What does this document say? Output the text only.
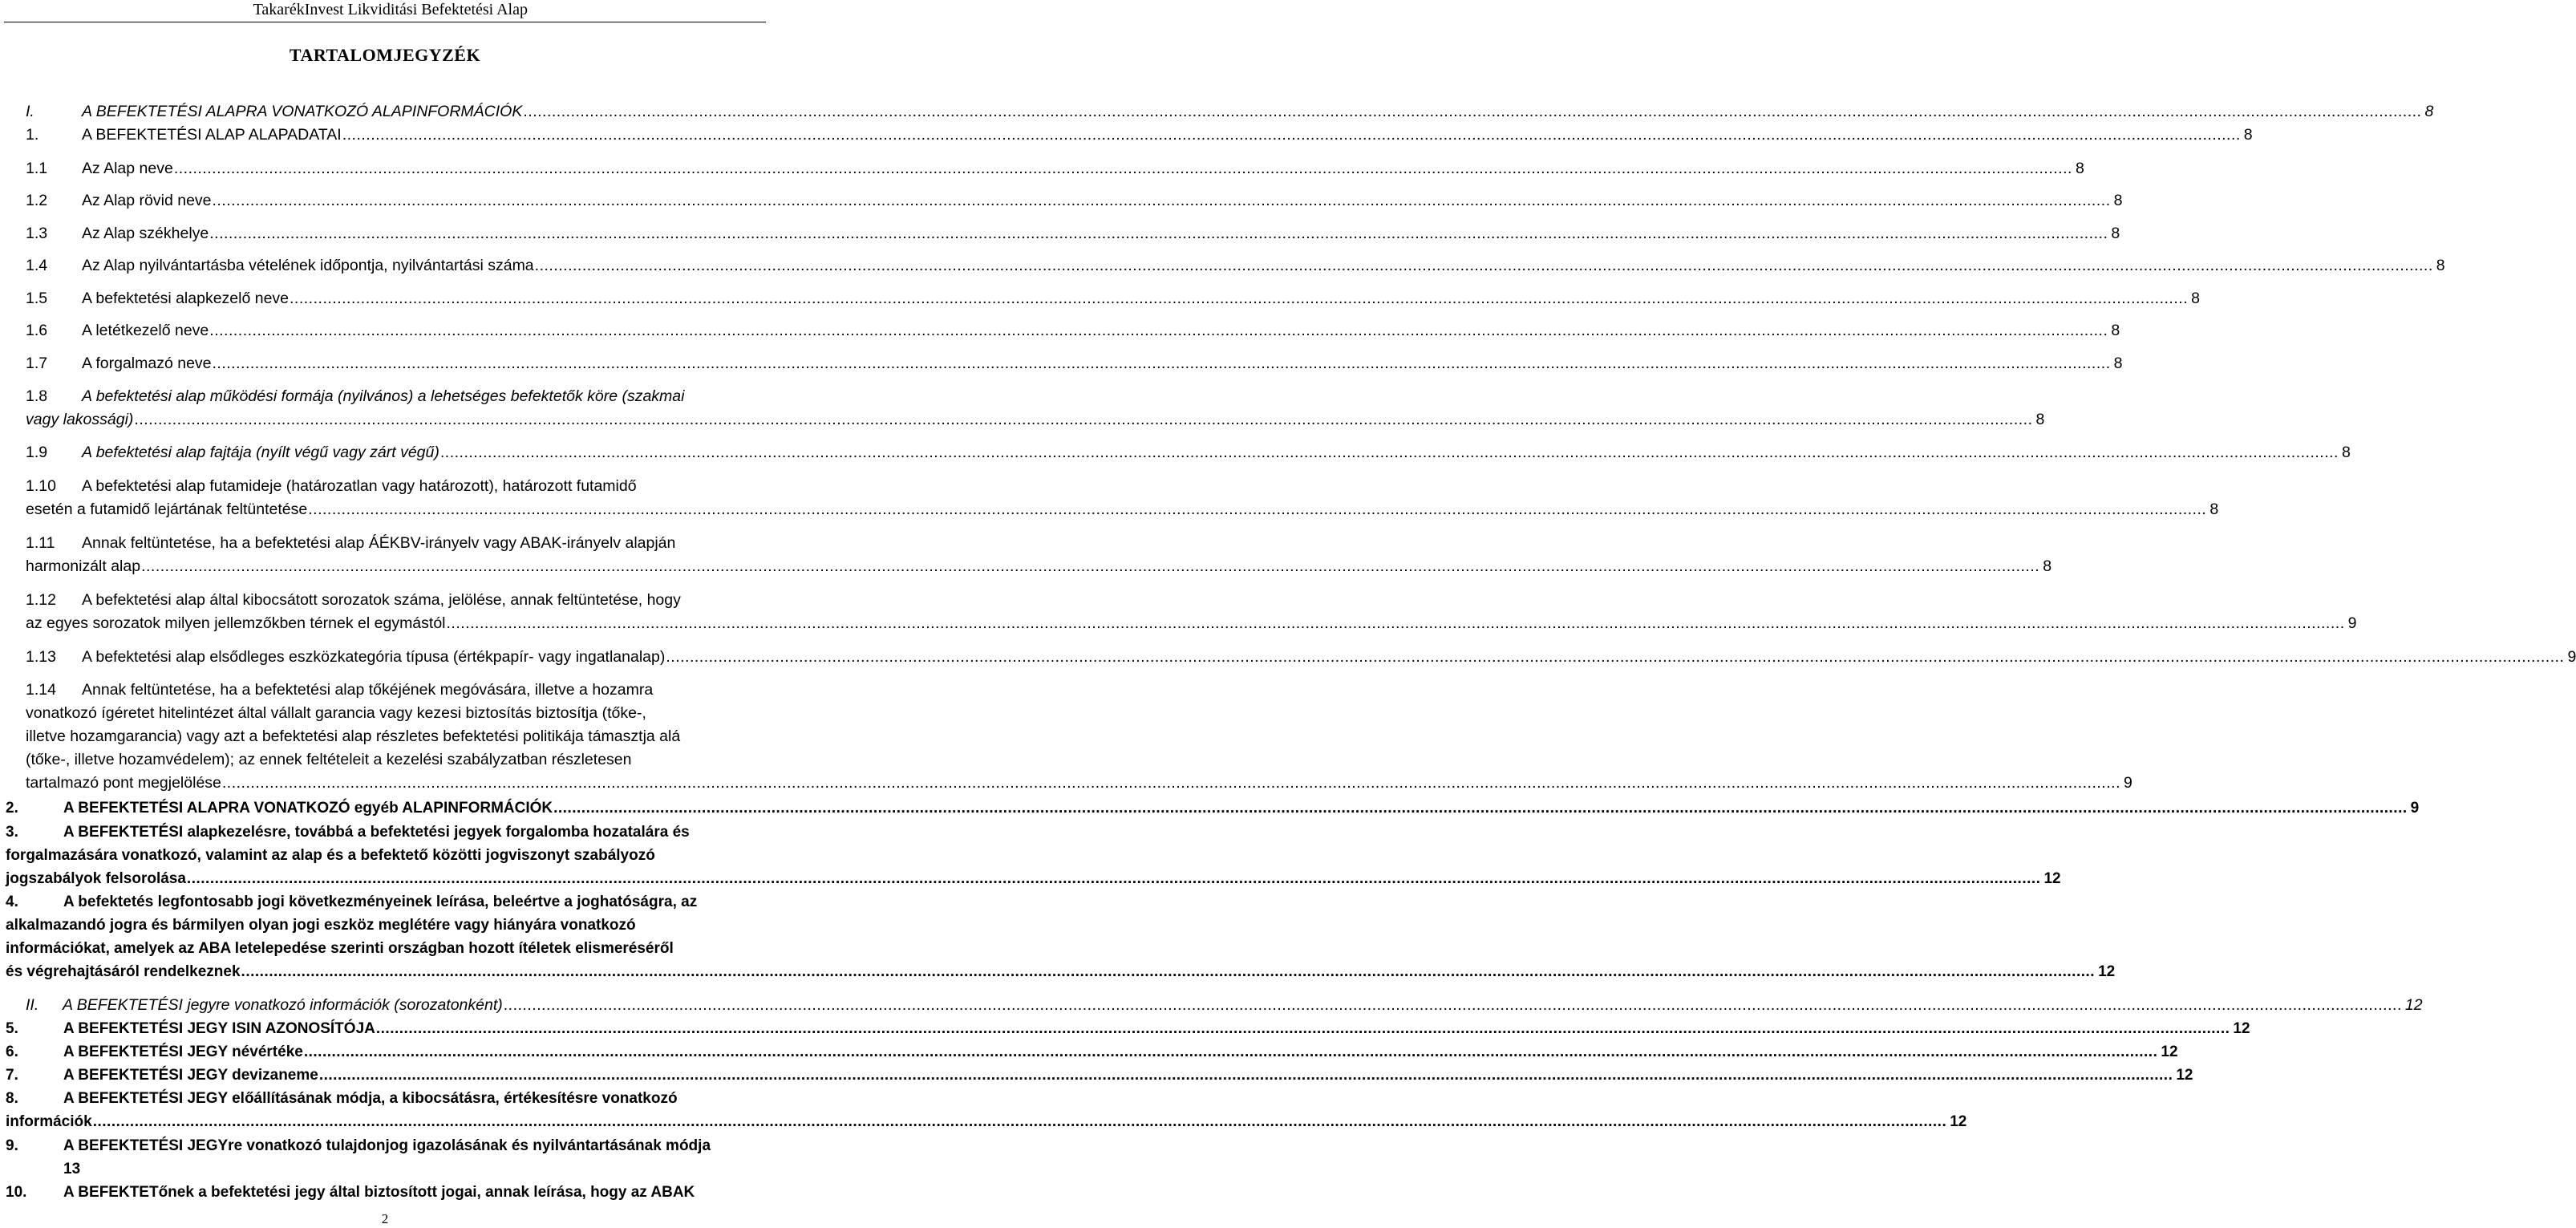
TakarékInvest Likviditási Befektetési Alap
TARTALOMJEGYZÉK
I.	A BEFEKTETÉSI ALAPRA VONATKOZÓ ALAPINFORMÁCIÓK ................................................................................................................................................................................................................................................................................................................................................................................................................ 8
1.	A BEFEKTETÉSI ALAP ALAPADATAI ................................................................................................................................................................................................................................................................................................................................................................................................................ 8
1.1	Az Alap neve ................................................................................................................................................................................................................................................................................................................................................................................................................ 8
1.2	Az Alap rövid neve ................................................................................................................................................................................................................................................................................................................................................................................................................ 8
1.3	Az Alap székhelye ................................................................................................................................................................................................................................................................................................................................................................................................................ 8
1.4	Az Alap nyilvántartásba vételének időpontja, nyilvántartási száma ................................................................................................................................................................................................................................................................................................................................................................................................................ 8
1.5	A befektetési alapkezelő neve ................................................................................................................................................................................................................................................................................................................................................................................................................ 8
1.6	A letétkezelő neve ................................................................................................................................................................................................................................................................................................................................................................................................................ 8
1.7	A forgalmazó neve ................................................................................................................................................................................................................................................................................................................................................................................................................ 8
1.8	A befektetési alap működési formája (nyilvános) a lehetséges befektetők köre (szakmai
vagy lakossági) ................................................................................................................................................................................................................................................................................................................................................................................................................ 8
1.9	A befektetési alap fajtája (nyílt végű vagy zárt végű) ................................................................................................................................................................................................................................................................................................................................................................................................................ 8
1.10	A befektetési alap futamideje (határozatlan vagy határozott), határozott futamidő
esetén a futamidő lejártának feltüntetése ................................................................................................................................................................................................................................................................................................................................................................................................................ 8
1.11	Annak feltüntetése, ha a befektetési alap ÁÉKBV-irányelv vagy ABAK-irányelv alapján
harmonizált alap ................................................................................................................................................................................................................................................................................................................................................................................................................ 8
1.12	A befektetési alap által kibocsátott sorozatok száma, jelölése, annak feltüntetése, hogy
az egyes sorozatok milyen jellemzőkben térnek el egymástól ................................................................................................................................................................................................................................................................................................................................................................................................................ 9
1.13	A befektetési alap elsődleges eszközkategória típusa (értékpapír- vagy ingatlanalap) ................................................................................................................................................................................................................................................................................................................................................................................................................ 9
1.14	Annak feltüntetése, ha a befektetési alap tőkéjének megóvására, illetve a hozamra
vonatkozó ígéretet hitelintézet által vállalt garancia vagy kezesi biztosítás biztosítja (tőke-,
illetve hozamgarancia) vagy azt a befektetési alap részletes befektetési politikája támasztja alá
(tőke-, illetve hozamvédelem); az ennek feltételeit a kezelési szabályzatban részletesen
tartalmazó pont megjelölése ................................................................................................................................................................................................................................................................................................................................................................................................................ 9
2.	A BEFEKTETÉSI ALAPRA VONATKOZÓ egyéb ALAPINFORMÁCIÓK ................................................................................................................................................................................................................................................................................................................................................................................................................ 9
3.	A BEFEKTETÉSI alapkezelésre, továbbá a befektetési jegyek forgalomba hozatalára és
forgalmazására vonatkozó, valamint az alap és a befektető közötti jogviszonyt szabályozó
jogszabályok felsorolása ................................................................................................................................................................................................................................................................................................................................................................................................................ 12
4.	A befektetés legfontosabb jogi következményeinek leírása, beleértve a joghatóságra, az
alkalmazandó jogra és bármilyen olyan jogi eszköz meglétére vagy hiányára vonatkozó
információkat, amelyek az ABA letelepedése szerinti országban hozott ítéletek elismeréséről
és végrehajtásáról rendelkeznek ................................................................................................................................................................................................................................................................................................................................................................................................................ 12
II.	A BEFEKTETÉSI jegyre vonatkozó információk (sorozatonként) ................................................................................................................................................................................................................................................................................................................................................................................................................ 12
5.	A BEFEKTETÉSI JEGY ISIN AZONOSÍTÓJA ................................................................................................................................................................................................................................................................................................................................................................................................................ 12
6.	A BEFEKTETÉSI JEGY névértéke ................................................................................................................................................................................................................................................................................................................................................................................................................ 12
7.	A BEFEKTETÉSI JEGY devizaneme ................................................................................................................................................................................................................................................................................................................................................................................................................ 12
8.	A BEFEKTETÉSI JEGY előállításának módja, a kibocsátásra, értékesítésre vonatkozó
információk ................................................................................................................................................................................................................................................................................................................................................................................................................ 12
9.	A BEFEKTETÉSI JEGYre vonatkozó tulajdonjog igazolásának és nyilvántartásának módja
13
10.	A BEFEKTETőnek a befektetési jegy által biztosított jogai, annak leírása, hogy az ABAK
2
